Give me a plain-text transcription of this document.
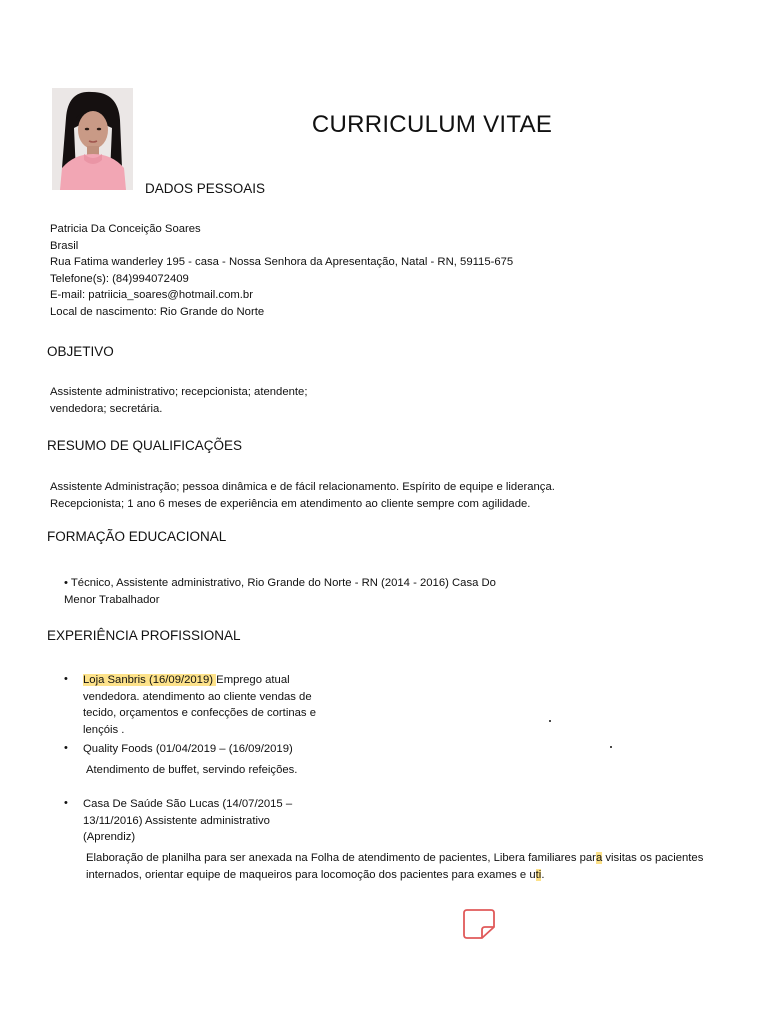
CURRICULUM VITAE
DADOS PESSOAIS
Patricia Da Conceição Soares
Brasil
Rua Fatima wanderley 195 - casa - Nossa Senhora da Apresentação, Natal - RN, 59115-675
Telefone(s): (84)994072409
E-mail: patriicia_soares@hotmail.com.br
Local de nascimento: Rio Grande do Norte
OBJETIVO
Assistente administrativo; recepcionista; atendente;
vendedora; secretária.
RESUMO DE QUALIFICAÇÕES
Assistente Administração; pessoa dinâmica e de fácil relacionamento. Espírito de equipe e liderança.
Recepcionista; 1 ano 6 meses de experiência em atendimento ao cliente sempre com agilidade.
FORMAÇÃO EDUCACIONAL
• Técnico, Assistente administrativo, Rio Grande do Norte - RN (2014 - 2016) Casa Do
Menor Trabalhador
EXPERIÊNCIA PROFISSIONAL
• Loja Sanbris (16/09/2019) Emprego atual
vendedora. atendimento ao cliente vendas de
tecido, orçamentos e confecções de cortinas e
lençóis .
• Quality Foods (01/04/2019 – (16/09/2019)
Atendimento de buffet, servindo refeições.
• Casa De Saúde São Lucas (14/07/2015 –
13/11/2016) Assistente administrativo
(Aprendiz)
Elaboração de planilha para ser anexada na Folha de atendimento de pacientes, Libera familiares para visitas os pacientes
internados, orientar equipe de maqueiros para locomoção dos pacientes para exames e uti.
